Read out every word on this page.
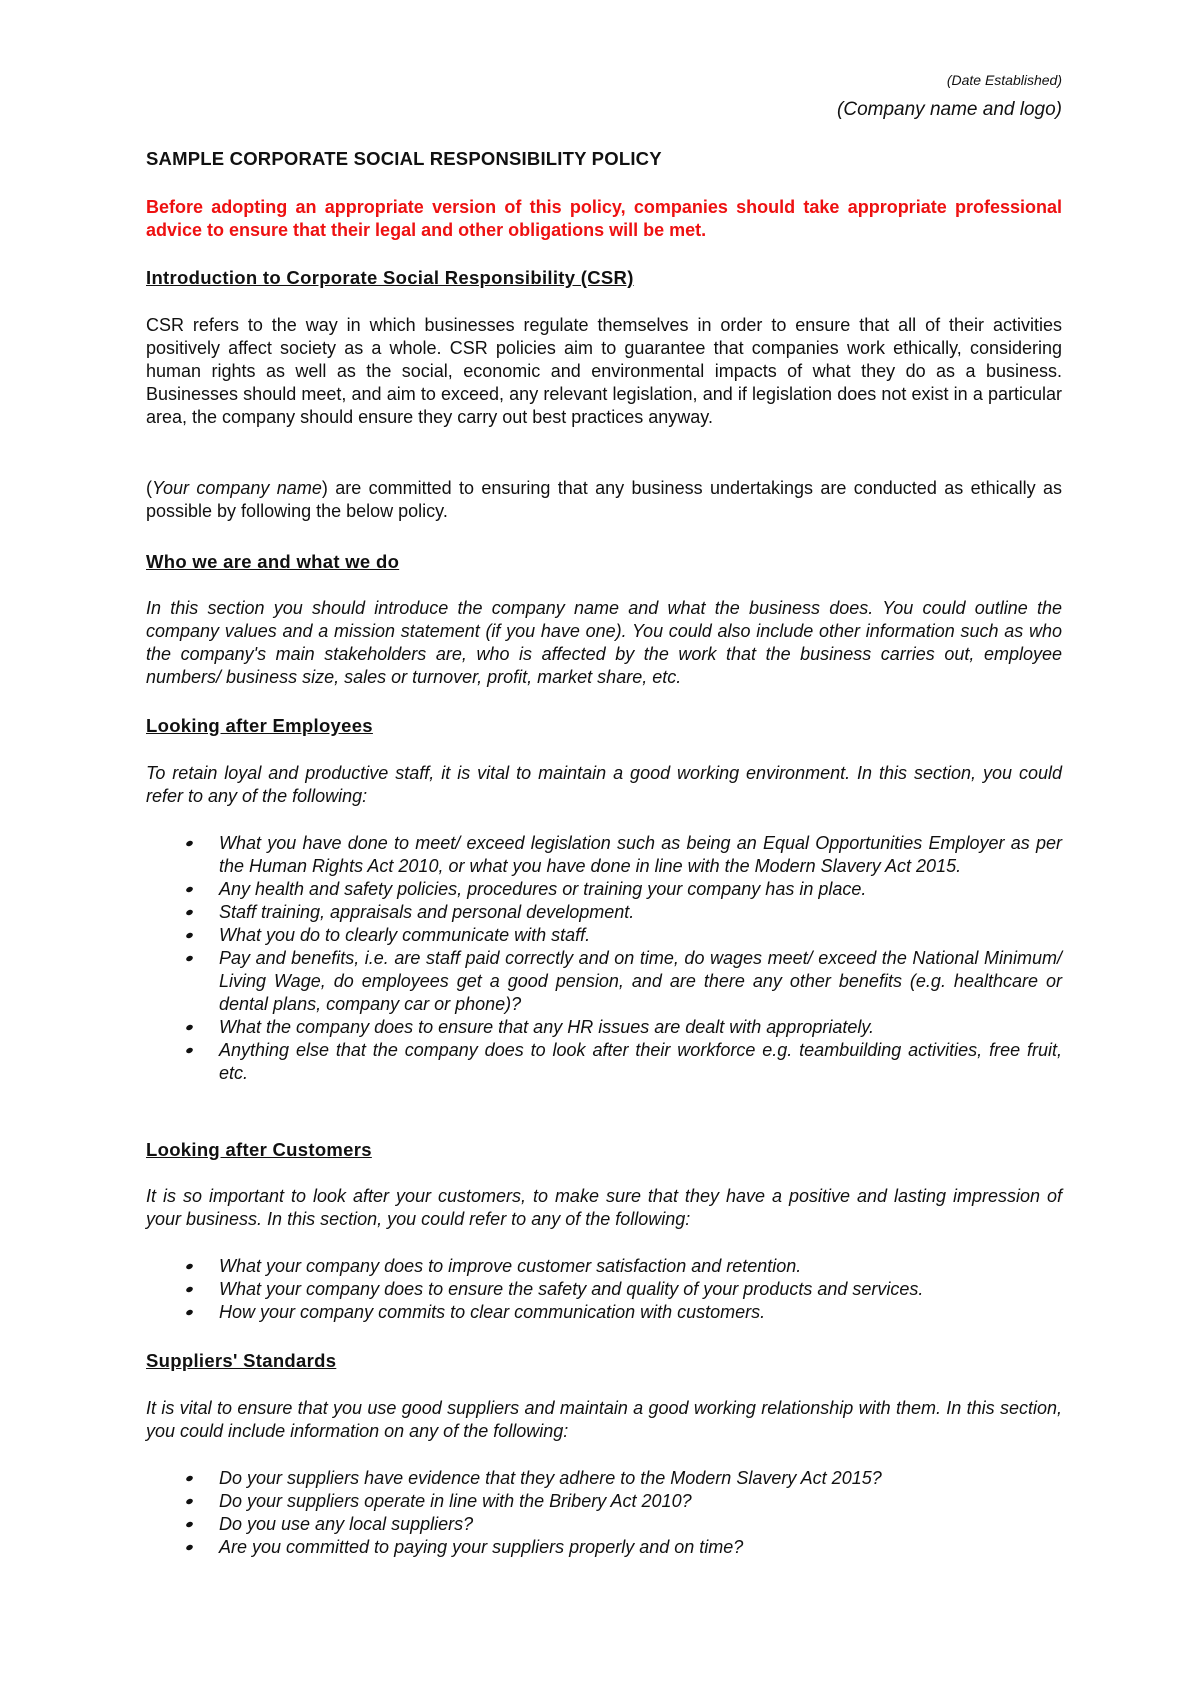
(Date Established)
(Company name and logo)
SAMPLE CORPORATE SOCIAL RESPONSIBILITY POLICY

Before adopting an appropriate version of this policy, companies should take appropriate professional advice to ensure that their legal and other obligations will be met.

Introduction to Corporate Social Responsibility (CSR)

CSR refers to the way in which businesses regulate themselves in order to ensure that all of their activities positively affect society as a whole. CSR policies aim to guarantee that companies work ethically, considering human rights as well as the social, economic and environmental impacts of what they do as a business. Businesses should meet, and aim to exceed, any relevant legislation, and if legislation does not exist in a particular area, the company should ensure they carry out best practices anyway.

(Your company name) are committed to ensuring that any business undertakings are conducted as ethically as possible by following the below policy.

Who we are and what we do

In this section you should introduce the company name and what the business does. You could outline the company values and a mission statement (if you have one). You could also include other information such as who the company's main stakeholders are, who is affected by the work that the business carries out, employee numbers/ business size, sales or turnover, profit, market share, etc.

Looking after Employees

To retain loyal and productive staff, it is vital to maintain a good working environment. In this section, you could refer to any of the following:

What you have done to meet/ exceed legislation such as being an Equal Opportunities Employer as per the Human Rights Act 2010, or what you have done in line with the Modern Slavery Act 2015.
Any health and safety policies, procedures or training your company has in place.
Staff training, appraisals and personal development.
What you do to clearly communicate with staff.
Pay and benefits, i.e. are staff paid correctly and on time, do wages meet/ exceed the National Minimum/ Living Wage, do employees get a good pension, and are there any other benefits (e.g. healthcare or dental plans, company car or phone)?
What the company does to ensure that any HR issues are dealt with appropriately.
Anything else that the company does to look after their workforce e.g. teambuilding activities, free fruit, etc.
Looking after Customers

It is so important to look after your customers, to make sure that they have a positive and lasting impression of your business. In this section, you could refer to any of the following:

What your company does to improve customer satisfaction and retention.
What your company does to ensure the safety and quality of your products and services.
How your company commits to clear communication with customers.
Suppliers' Standards

It is vital to ensure that you use good suppliers and maintain a good working relationship with them. In this section, you could include information on any of the following:

Do your suppliers have evidence that they adhere to the Modern Slavery Act 2015?
Do your suppliers operate in line with the Bribery Act 2010?
Do you use any local suppliers?
Are you committed to paying your suppliers properly and on time?
